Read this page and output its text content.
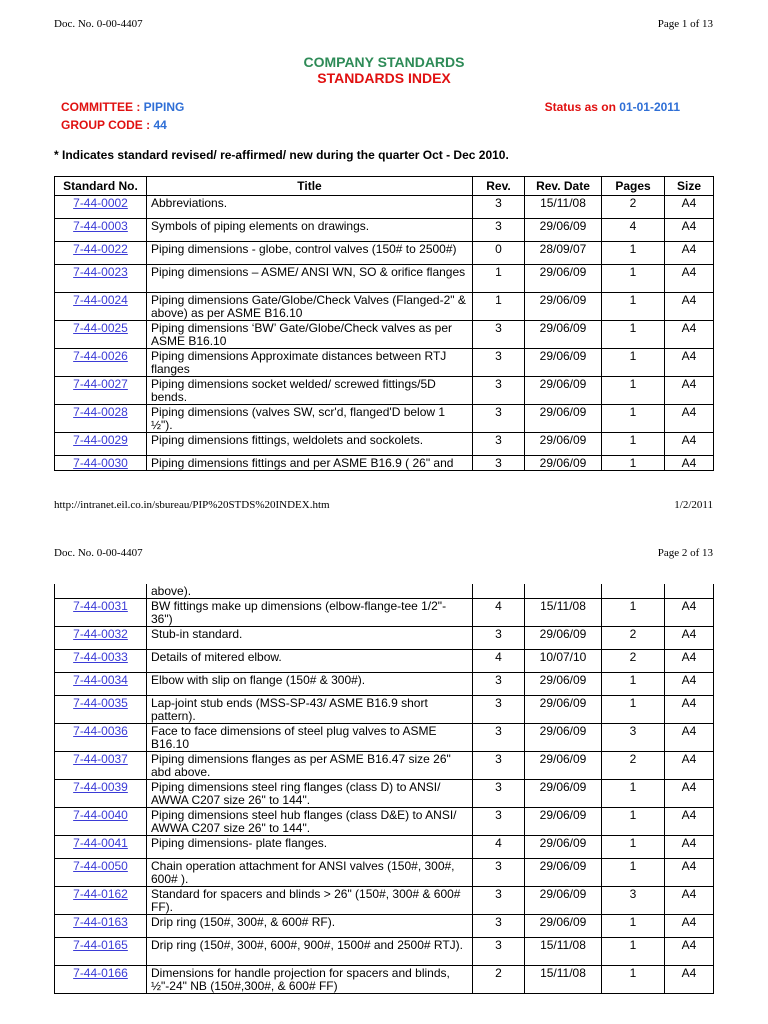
Doc. No. 0-00-4407	Page 1 of 13
COMPANY STANDARDS
STANDARDS INDEX
COMMITTEE : PIPING
GROUP CODE : 44
Status as on 01-01-2011
* Indicates standard revised/ re-affirmed/ new during the quarter Oct - Dec 2010.
Standard No.	Title	Rev.	Rev. Date	Pages	Size
7-44-0002	Abbreviations.	3	15/11/08	2	A4
7-44-0003	Symbols of piping elements on drawings.	3	29/06/09	4	A4
7-44-0022	Piping dimensions - globe, control valves (150# to 2500#)	0	28/09/07	1	A4
7-44-0023	Piping dimensions – ASME/ ANSI WN, SO & orifice flanges	1	29/06/09	1	A4
7-44-0024	Piping dimensions Gate/Globe/Check Valves (Flanged-2" & above) as per ASME B16.10	1	29/06/09	1	A4
7-44-0025	Piping dimensions ‘BW’ Gate/Globe/Check valves as per ASME B16.10	3	29/06/09	1	A4
7-44-0026	Piping dimensions Approximate distances between RTJ flanges	3	29/06/09	1	A4
7-44-0027	Piping dimensions socket welded/ screwed fittings/5D bends.	3	29/06/09	1	A4
7-44-0028	Piping dimensions (valves SW, scr'd, flanged'D below 1 ½").	3	29/06/09	1	A4
7-44-0029	Piping dimensions fittings, weldolets and sockolets.	3	29/06/09	1	A4
7-44-0030	Piping dimensions fittings and per ASME B16.9 ( 26" and	3	29/06/09	1	A4
http://intranet.eil.co.in/sbureau/PIP%20STDS%20INDEX.htm	1/2/2011
Doc. No. 0-00-4407	Page 2 of 13
	above).				
7-44-0031	BW fittings make up dimensions (elbow-flange-tee 1/2"- 36")	4	15/11/08	1	A4
7-44-0032	Stub-in standard.	3	29/06/09	2	A4
7-44-0033	Details of mitered elbow.	4	10/07/10	2	A4
7-44-0034	Elbow with slip on flange (150# & 300#).	3	29/06/09	1	A4
7-44-0035	Lap-joint stub ends (MSS-SP-43/ ASME B16.9 short pattern).	3	29/06/09	1	A4
7-44-0036	Face to face dimensions of steel plug valves to ASME B16.10	3	29/06/09	3	A4
7-44-0037	Piping dimensions flanges as per ASME B16.47 size 26" abd above.	3	29/06/09	2	A4
7-44-0039	Piping dimensions steel ring flanges (class D) to ANSI/ AWWA C207 size 26" to 144".	3	29/06/09	1	A4
7-44-0040	Piping dimensions steel hub flanges (class D&E) to ANSI/ AWWA C207 size 26" to 144".	3	29/06/09	1	A4
7-44-0041	Piping dimensions- plate flanges.	4	29/06/09	1	A4
7-44-0050	Chain operation attachment for ANSI valves (150#, 300#, 600# ).	3	29/06/09	1	A4
7-44-0162	Standard for spacers and blinds > 26" (150#, 300# & 600# FF).	3	29/06/09	3	A4
7-44-0163	Drip ring (150#, 300#, & 600# RF).	3	29/06/09	1	A4
7-44-0165	Drip ring (150#, 300#, 600#, 900#, 1500# and 2500# RTJ).	3	15/11/08	1	A4
7-44-0166	Dimensions for handle projection for spacers and blinds, ½"-24" NB (150#,300#, & 600# FF)	2	15/11/08	1	A4
